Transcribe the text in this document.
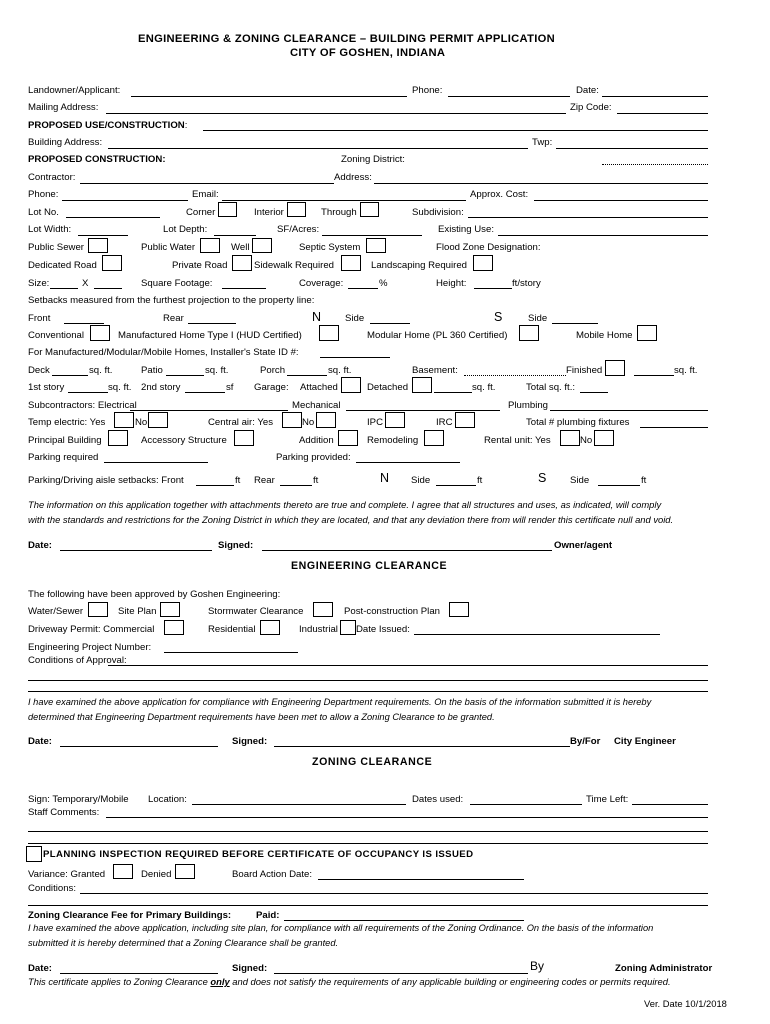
ENGINEERING & ZONING CLEARANCE – BUILDING PERMIT APPLICATION
CITY OF GOSHEN, INDIANA
Landowner/Applicant:	Phone:	Date:
Mailing Address:	Zip Code:
PROPOSED USE/CONSTRUCTION:
Building Address:	Twp:
PROPOSED CONSTRUCTION:	Zoning District:
Contractor:	Address:
Phone:	Email:	Approx. Cost:
Lot No.	Corner	Interior	Through	Subdivision:
Lot Width:	Lot Depth:	SF/Acres:	Existing Use:
Public Sewer	Public Water	Well	Septic System	Flood Zone Designation:
Dedicated Road	Private Road	Sidewalk Required	Landscaping Required
Size:	X	Square Footage:	Coverage:	%	Height:	ft/story
Setbacks measured from the furthest projection to the property line:
Front	Rear	N Side	S	Side
Conventional	Manufactured Home Type I (HUD Certified)	Modular Home (PL 360 Certified)	Mobile Home
For Manufactured/Modular/Mobile Homes, Installer's State ID #:
Deck	sq. ft.	Patio	sq. ft.	Porch	sq. ft.	Basement:	Finished	sq. ft.
1st story	sq. ft. 2nd story	sf Garage: Attached	Detached	sq. ft.	Total sq. ft.:
Subcontractors: Electrical	Mechanical	Plumbing
Temp electric: Yes	No	Central air: Yes	No	IPC	IRC	Total # plumbing fixtures
Principal Building	Accessory Structure	Addition	Remodeling	Rental unit: Yes	No
Parking required	Parking provided:
Parking/Driving aisle setbacks: Front	ft Rear	ft	N Side	ft	S Side	ft
The information on this application together with attachments thereto are true and complete. I agree that all structures and uses, as indicated, will comply
with the standards and restrictions for the Zoning District in which they are located, and that any deviation there from will render this certificate null and void.
Date:	Signed:	Owner/agent
ENGINEERING CLEARANCE
The following have been approved by Goshen Engineering:
Water/Sewer	Site Plan	Stormwater Clearance	Post-construction Plan
Driveway Permit: Commercial	Residential	Industrial Date Issued:
Engineering Project Number:
Conditions of Approval:
I have examined the above application for compliance with Engineering Department requirements. On the basis of the information submitted it is hereby
determined that Engineering Department requirements have been met to allow a Zoning Clearance to be granted.
Date:	Signed:	By/For City Engineer
ZONING CLEARANCE
Sign: Temporary/Mobile Location:	Dates used:	Time Left:
Staff Comments:
PLANNING INSPECTION REQUIRED BEFORE CERTIFICATE OF OCCUPANCY IS ISSUED
Variance: Granted	Denied	Board Action Date:
Conditions:
Zoning Clearance Fee for Primary Buildings:	Paid:
I have examined the above application, including site plan, for compliance with all requirements of the Zoning Ordinance. On the basis of the information
submitted it is hereby determined that a Zoning Clearance shall be granted.
Date:	Signed:	By	Zoning Administrator
This certificate applies to Zoning Clearance only and does not satisfy the requirements of any applicable building or engineering codes or permits required.
Ver. Date 10/1/2018
